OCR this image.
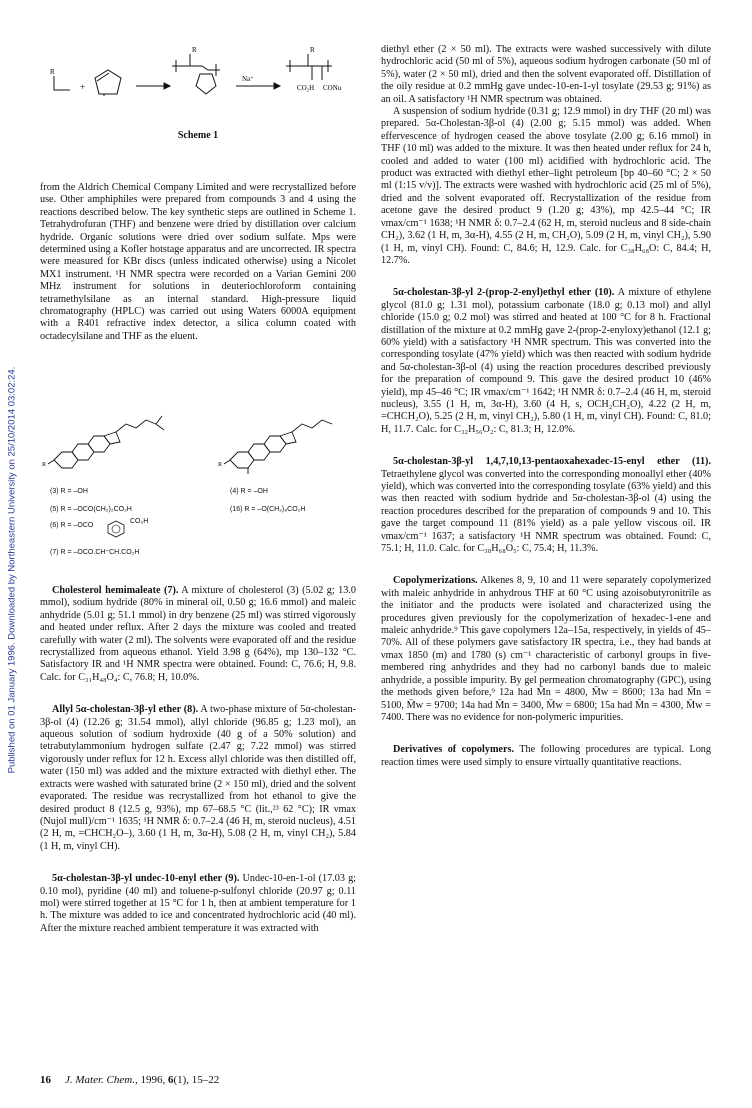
Published on 01 January 1996. Downloaded by Northeastern University on 25/10/2014 03:02:24.
R
+
R
Na⁺
R
CO₂H CONu
Scheme 1

from the Aldrich Chemical Company Limited and were recrystallized before use. Other amphiphiles were prepared from compounds 3 and 4 using the reactions described below. The key synthetic steps are outlined in Scheme 1. Tetrahydrofuran (THF) and benzene were dried by distillation over calcium hydride. Organic solutions were dried over sodium sulfate. Mps were determined using a Kofler hotstage apparatus and are uncorrected. IR spectra were measured for KBr discs (unless indicated otherwise) using a Nicolet MX1 instrument. ¹H NMR spectra were recorded on a Varian Gemini 200 MHz instrument for solutions in deuteriochloroform containing tetramethylsilane as an internal standard. High-pressure liquid chromatography (HPLC) was carried out using Waters 6000A equipment with a R401 refractive index detector, a silica column coated with octadecylsilane and THF as the eluent.

R	R
(3) R = –OH
(5) R = –OCO(CH₂)₂CO₂H
(6) R = –OCO
CO₂H
(7) R = –OCO.CH⁼CH.CO₂H
(4) R = –OH
(16) R = –O(CH₂)₈CO₂H

Cholesterol hemimaleate (7). A mixture of cholesterol (3) (5.02 g; 13.0 mmol), sodium hydride (80% in mineral oil, 0.50 g; 16.6 mmol) and maleic anhydride (5.01 g; 51.1 mmol) in dry benzene (25 ml) was stirred vigorously and heated under reflux. After 2 days the mixture was cooled and treated carefully with water (2 ml). The solvents were evaporated off and the residue recrystallized from aqueous ethanol. Yield 3.98 g (64%), mp 130–132 °C. Satisfactory IR and ¹H NMR spectra were obtained. Found: C, 76.6; H, 9.8. Calc. for C₃₁H₄₈O₄: C, 76.8; H, 10.0%.

Allyl 5α-cholestan-3β-yl ether (8). A two-phase mixture of 5α-cholestan-3β-ol (4) (12.26 g; 31.54 mmol), allyl chloride (96.85 g; 1.23 mol), an aqueous solution of sodium hydroxide (40 g of a 50% solution) and tetrabutylammonium hydrogen sulfate (2.47 g; 7.22 mmol) was stirred vigorously under reflux for 12 h. Excess allyl chloride was then distilled off, water (150 ml) was added and the mixture extracted with diethyl ether. The extracts were washed with saturated brine (2 × 150 ml), dried and the solvent evaporated. The residue was recrystallized from hot ethanol to give the desired product 8 (12.5 g, 93%), mp 67–68.5 °C (lit.,²³ 62 °C); IR νmax (Nujol mull)/cm⁻¹ 1635; ¹H NMR δ: 0.7–2.4 (46 H, m, steroid nucleus), 4.51 (2 H, m, =CHCH₂O–), 3.60 (1 H, m, 3α-H), 5.08 (2 H, m, vinyl CH₂), 5.84 (1 H, m, vinyl CH).

5α-cholestan-3β-yl undec-10-enyl ether (9). Undec-10-en-1-ol (17.03 g; 0.10 mol), pyridine (40 ml) and toluene-p-sulfonyl chloride (20.97 g; 0.11 mol) were stirred together at 15 °C for 1 h, then at ambient temperature for 1 h. The mixture was added to ice and concentrated hydrochloric acid (40 ml). After the mixture reached ambient temperature it was extracted with

diethyl ether (2 × 50 ml). The extracts were washed successively with dilute hydrochloric acid (50 ml of 5%), aqueous sodium hydrogen carbonate (50 ml of 5%), water (2 × 50 ml), dried and then the solvent evaporated off. Distillation of the oily residue at 0.2 mmHg gave undec-10-en-1-yl tosylate (29.53 g; 91%) as an oil. A satisfactory ¹H NMR spectrum was obtained.

A suspension of sodium hydride (0.31 g; 12.9 mmol) in dry THF (20 ml) was prepared. 5α-Cholestan-3β-ol (4) (2.00 g; 5.15 mmol) was added. When effervescence of hydrogen ceased the above tosylate (2.00 g; 6.16 mmol) in THF (10 ml) was added to the mixture. It was then heated under reflux for 24 h, cooled and added to water (100 ml) acidified with hydrochloric acid. The product was extracted with diethyl ether–light petroleum [bp 40–60 °C; 2 × 50 ml (1:15 v/v)]. The extracts were washed with hydrochloric acid (25 ml of 5%), dried and the solvent evaporated off. Recrystallization of the residue from acetone gave the desired product 9 (1.20 g; 43%), mp 42.5–44 °C; IR νmax/cm⁻¹ 1638; ¹H NMR δ: 0.7–2.4 (62 H, m, steroid nucleus and 8 side-chain CH₂), 3.62 (1 H, m, 3α-H), 4.55 (2 H, m, CH₂O), 5.09 (2 H, m, vinyl CH₂), 5.90 (1 H, m, vinyl CH). Found: C, 84.6; H, 12.9. Calc. for C₃₈H₆₈O: C, 84.4; H, 12.7%.

5α-cholestan-3β-yl 2-(prop-2-enyl)ethyl ether (10). A mixture of ethylene glycol (81.0 g; 1.31 mol), potassium carbonate (18.0 g; 0.13 mol) and allyl chloride (15.0 g; 0.2 mol) was stirred and heated at 100 °C for 8 h. Fractional distillation of the mixture at 0.2 mmHg gave 2-(prop-2-enyloxy)ethanol (12.1 g; 60% yield) with a satisfactory ¹H NMR spectrum. This was converted into the corresponding tosylate (47% yield) which was then reacted with sodium hydride and 5α-cholestan-3β-ol (4) using the reaction procedures described previously for the preparation of compound 9. This gave the desired product 10 (46% yield), mp 45–46 °C; IR νmax/cm⁻¹ 1642; ¹H NMR δ: 0.7–2.4 (46 H, m, steroid nucleus), 3.55 (1 H, m, 3α-H), 3.60 (4 H, s, OCH₂CH₂O), 4.22 (2 H, m, =CHCH₂O), 5.25 (2 H, m, vinyl CH₂), 5.80 (1 H, m, vinyl CH). Found: C, 81.0; H, 11.7. Calc. for C₃₂H₅₆O₂: C, 81.3; H, 12.0%.

5α-cholestan-3β-yl 1,4,7,10,13-pentaoxahexadec-15-enyl ether (11). Tetraethylene glycol was converted into the corresponding monoallyl ether (40% yield), which was converted into the corresponding tosylate (63% yield) and this was then reacted with sodium hydride and 5α-cholestan-3β-ol (4) using the reaction procedures described for the preparation of compounds 9 and 10. This gave the target compound 11 (81% yield) as a pale yellow viscous oil. IR νmax/cm⁻¹ 1637; a satisfactory ¹H NMR spectrum was obtained. Found: C, 75.1; H, 11.0. Calc. for C₃₈H₆₈O₅: C, 75.4; H, 11.3%.

Copolymerizations. Alkenes 8, 9, 10 and 11 were separately copolymerized with maleic anhydride in anhydrous THF at 60 °C using azoisobutyronitrile as the initiator and the products were isolated and characterized using the procedures given previously for the copolymerization of hexadec-1-ene and maleic anhydride.⁹ This gave copolymers 12a–15a, respectively, in yields of 45–70%. All of these polymers gave satisfactory IR spectra, i.e., they had bands at νmax 1850 (m) and 1780 (s) cm⁻¹ characteristic of carbonyl groups in five-membered ring anhydrides and they had no carbonyl bands due to maleic anhydride, a possible impurity. By gel permeation chromatography (GPC), using the methods given before,⁹ 12a had M̄n = 4800, M̄w = 8600; 13a had M̄n = 5100, M̄w = 9700; 14a had M̄n = 3400, M̄w = 6800; 15a had M̄n = 4300, M̄w = 7400. There was no evidence for non-polymeric impurities.

Derivatives of copolymers. The following procedures are typical. Long reaction times were used simply to ensure virtually quantitative reactions.

16 J. Mater. Chem., 1996, 6(1), 15–22
